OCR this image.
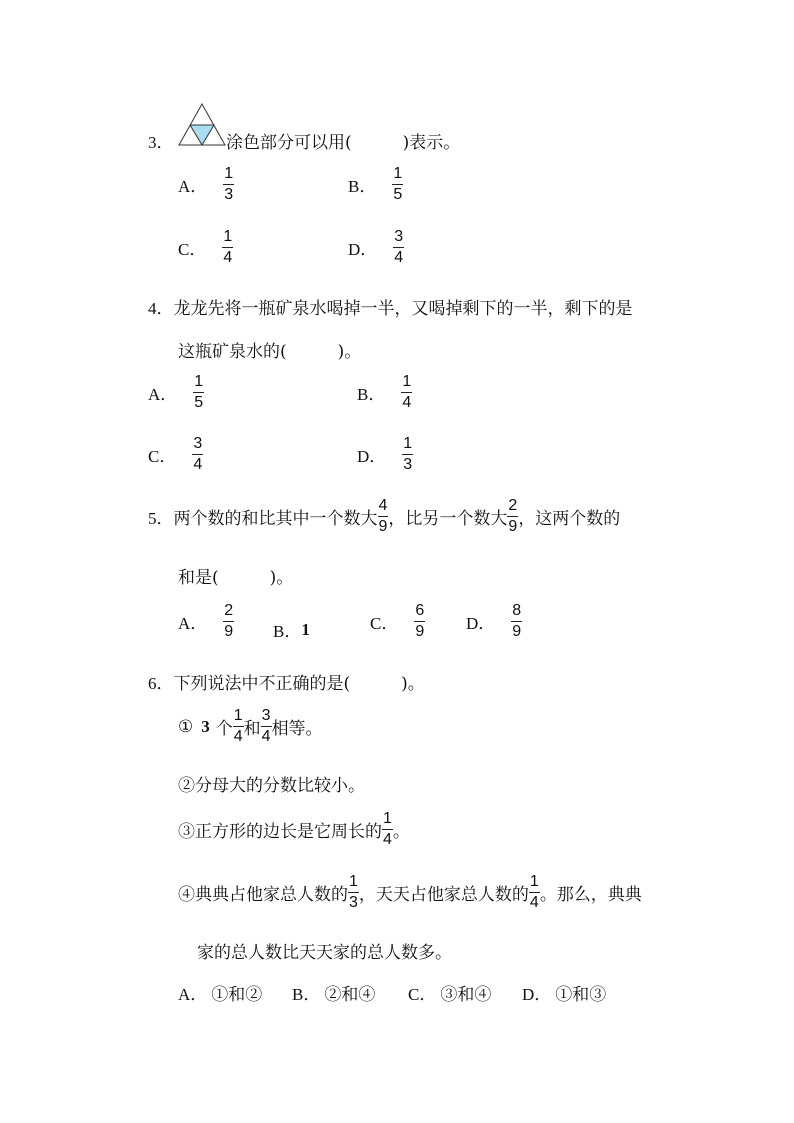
3．	涂色部分可以用(　　　)表示。
A． $\frac{1}{3}$	B． $\frac{1}{5}$
C． $\frac{1}{4}$	D． $\frac{3}{4}$
4． 龙龙先将一瓶矿泉水喝掉一半，又喝掉剩下的一半，剩下的是
这瓶矿泉水的(　　　)。
A． $\frac{1}{5}$	B． $\frac{1}{4}$
C． $\frac{3}{4}$	D． $\frac{1}{3}$
5． 两个数的和比其中一个数大 $\frac{4}{9}$ ，比另一个数大 $\frac{2}{9}$ ，这两个数的
和是(　　　)。
A． $\frac{2}{9}$ B． 1	C． $\frac{6}{9}$ D． $\frac{8}{9}$
6． 下列说法中不正确的是(　　　)。
① 3 个 $\frac{1}{4}$ 和 $\frac{3}{4}$ 相等。
②分母大的分数比较小。
③正方形的边长是它周长的 $\frac{1}{4}$ 。
④典典占他家总人数的 $\frac{1}{3}$ ，天天占他家总人数的 $\frac{1}{4}$ 。那么，典典
家的总人数比天天家的总人数多。
A． ①和② B． ②和④ C． ③和④ D． ①和③
